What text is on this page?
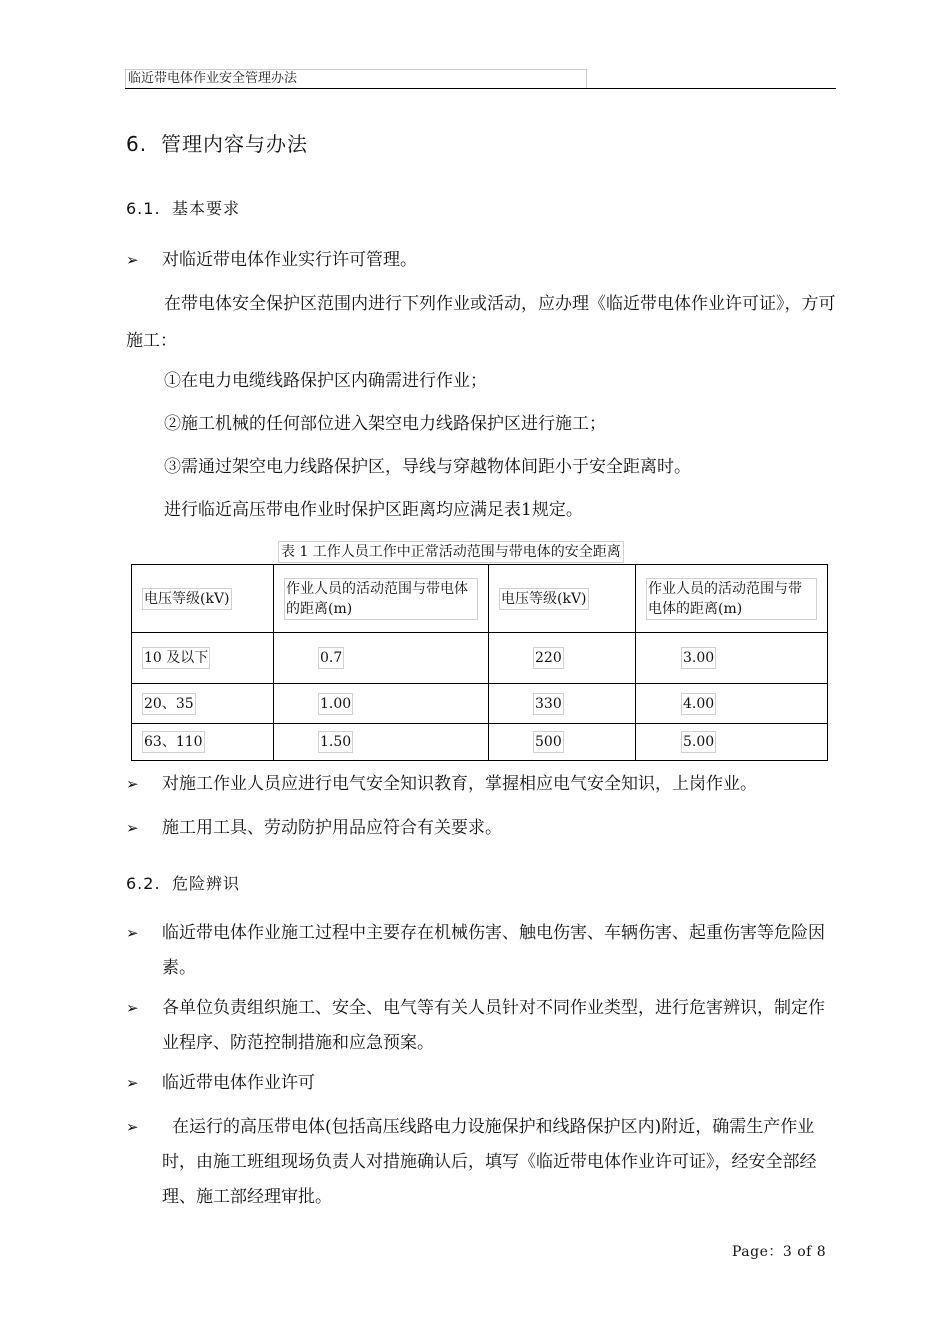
临近带电体作业安全管理办法
6. 管理内容与办法
6.1. 基本要求
➢ 对临近带电体作业实行许可管理。
在带电体安全保护区范围内进行下列作业或活动，应办理《临近带电体作业许可证》，方可施工：
①在电力电缆线路保护区内确需进行作业；
②施工机械的任何部位进入架空电力线路保护区进行施工；
③需通过架空电力线路保护区，导线与穿越物体间距小于安全距离时。
进行临近高压带电作业时保护区距离均应满足表1规定。
表 1 工作人员工作中正常活动范围与带电体的安全距离
电压等级(kV)	作业人员的活动范围与带电体的距离(m)	电压等级(kV)	作业人员的活动范围与带电体的距离(m)
10 及以下	0.7	220	3.00
20、35	1.00	330	4.00
63、110	1.50	500	5.00
➢ 对施工作业人员应进行电气安全知识教育，掌握相应电气安全知识，上岗作业。
➢ 施工用工具、劳动防护用品应符合有关要求。
6.2. 危险辨识
➢ 临近带电体作业施工过程中主要存在机械伤害、触电伤害、车辆伤害、起重伤害等危险因素。
➢ 各单位负责组织施工、安全、电气等有关人员针对不同作业类型，进行危害辨识，制定作业程序、防范控制措施和应急预案。
➢ 临近带电体作业许可
➢	在运行的高压带电体(包括高压线路电力设施保护和线路保护区内)附近，确需生产作业时，由施工班组现场负责人对措施确认后，填写《临近带电体作业许可证》，经安全部经理、施工部经理审批。
Page：3 of 8
